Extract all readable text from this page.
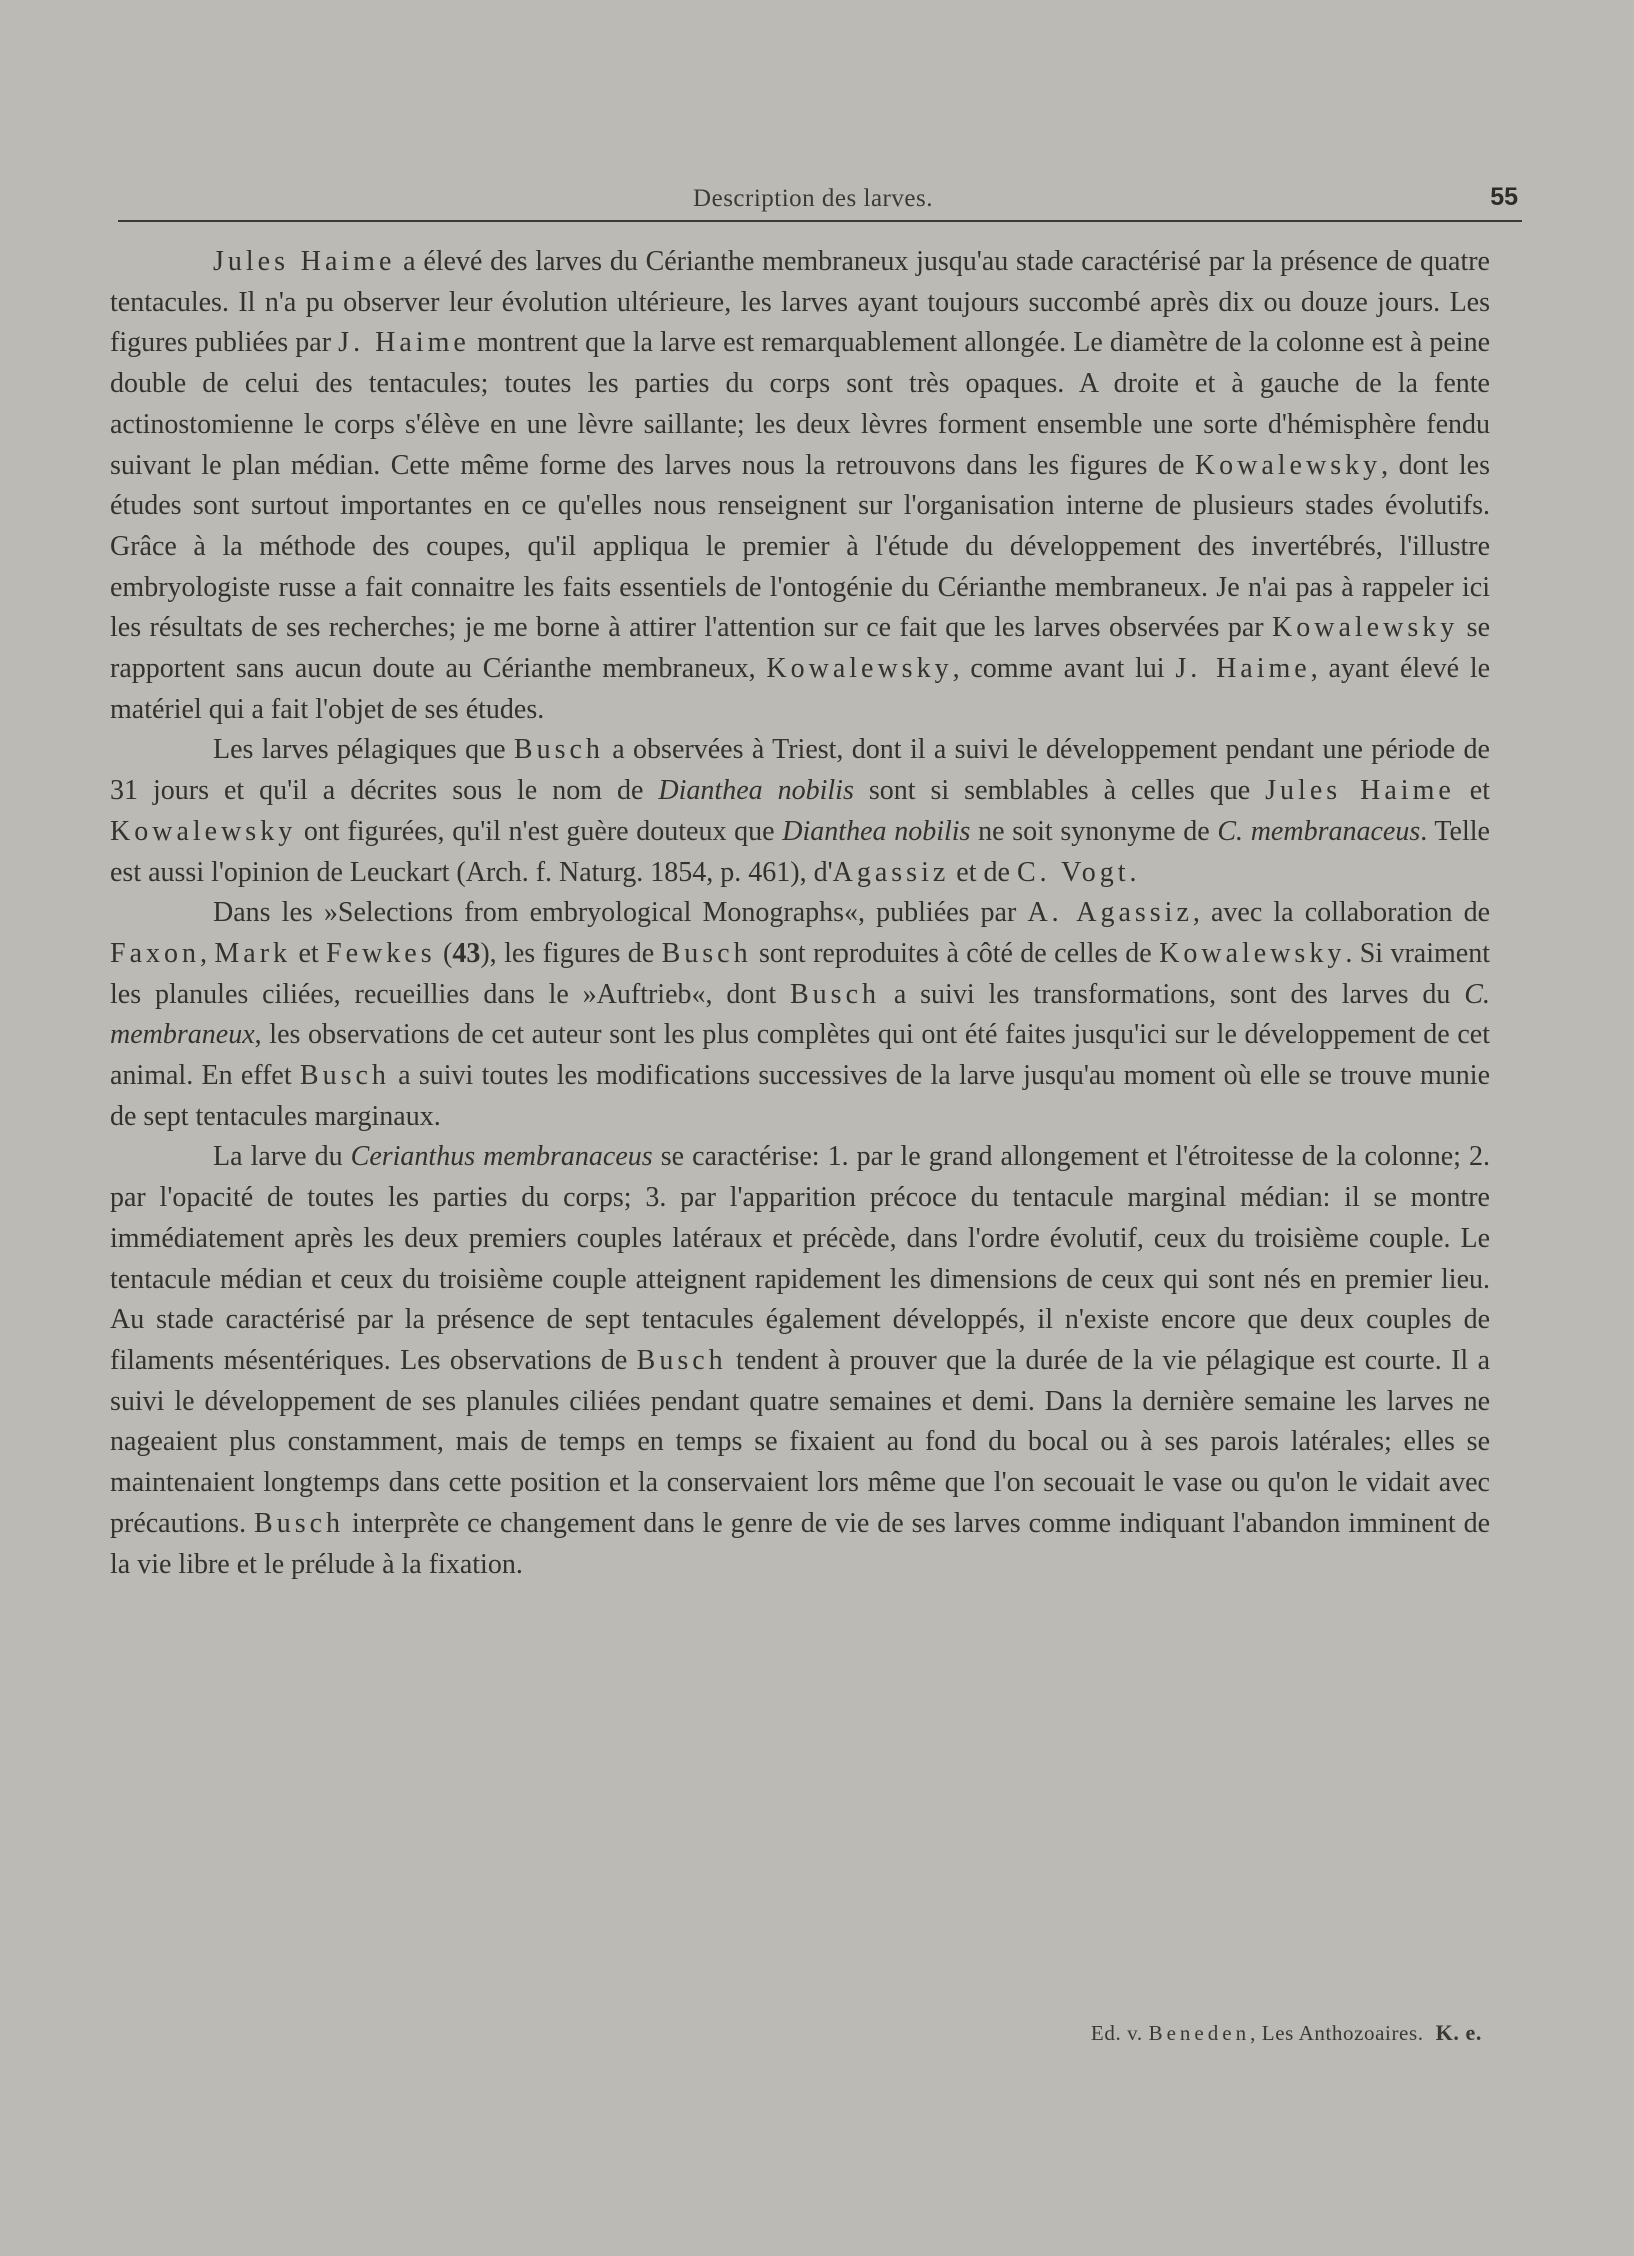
Description des larves.	55

Jules Haime a élevé des larves du Cérianthe membraneux jusqu'au stade caractérisé par la présence de quatre tentacules. Il n'a pu observer leur évolution ultérieure, les larves ayant toujours succombé après dix ou douze jours. Les figures publiées par J. Haime montrent que la larve est remarquablement allongée. Le diamètre de la colonne est à peine double de celui des tentacules; toutes les parties du corps sont très opaques. A droite et à gauche de la fente actinostomienne le corps s'élève en une lèvre saillante; les deux lèvres forment ensemble une sorte d'hémisphère fendu suivant le plan médian. Cette même forme des larves nous la retrouvons dans les figures de Kowalewsky, dont les études sont surtout importantes en ce qu'elles nous renseignent sur l'organisation interne de plusieurs stades évolutifs. Grâce à la méthode des coupes, qu'il appliqua le premier à l'étude du développement des invertébrés, l'illustre embryologiste russe a fait connaitre les faits essentiels de l'ontogénie du Cérianthe membraneux. Je n'ai pas à rappeler ici les résultats de ses recherches; je me borne à attirer l'attention sur ce fait que les larves observées par Kowalewsky se rapportent sans aucun doute au Cérianthe membraneux, Kowalewsky, comme avant lui J. Haime, ayant élevé le matériel qui a fait l'objet de ses études.

Les larves pélagiques que Busch a observées à Triest, dont il a suivi le développement pendant une période de 31 jours et qu'il a décrites sous le nom de Dianthea nobilis sont si semblables à celles que Jules Haime et Kowalewsky ont figurées, qu'il n'est guère douteux que Dianthea nobilis ne soit synonyme de C. membranaceus. Telle est aussi l'opinion de Leuckart (Arch. f. Naturg. 1854, p. 461), d'Agassiz et de C. Vogt.

Dans les »Selections from embryological Monographs«, publiées par A. Agassiz, avec la collaboration de Faxon, Mark et Fewkes (43), les figures de Busch sont reproduites à côté de celles de Kowalewsky. Si vraiment les planules ciliées, recueillies dans le »Auftrieb«, dont Busch a suivi les transformations, sont des larves du C. membraneux, les observations de cet auteur sont les plus complètes qui ont été faites jusqu'ici sur le développement de cet animal. En effet Busch a suivi toutes les modifications successives de la larve jusqu'au moment où elle se trouve munie de sept tentacules marginaux.

La larve du Cerianthus membranaceus se caractérise: 1. par le grand allongement et l'étroitesse de la colonne; 2. par l'opacité de toutes les parties du corps; 3. par l'apparition précoce du tentacule marginal médian: il se montre immédiatement après les deux premiers couples latéraux et précède, dans l'ordre évolutif, ceux du troisième couple. Le tentacule médian et ceux du troisième couple atteignent rapidement les dimensions de ceux qui sont nés en premier lieu. Au stade caractérisé par la présence de sept tentacules également développés, il n'existe encore que deux couples de filaments mésentériques. Les observations de Busch tendent à prouver que la durée de la vie pélagique est courte. Il a suivi le développement de ses planules ciliées pendant quatre semaines et demi. Dans la dernière semaine les larves ne nageaient plus constamment, mais de temps en temps se fixaient au fond du bocal ou à ses parois latérales; elles se maintenaient longtemps dans cette position et la conservaient lors même que l'on secouait le vase ou qu'on le vidait avec précautions. Busch interprète ce changement dans le genre de vie de ses larves comme indiquant l'abandon imminent de la vie libre et le prélude à la fixation.

Ed. v. Beneden, Les Anthozoaires. K. e.
